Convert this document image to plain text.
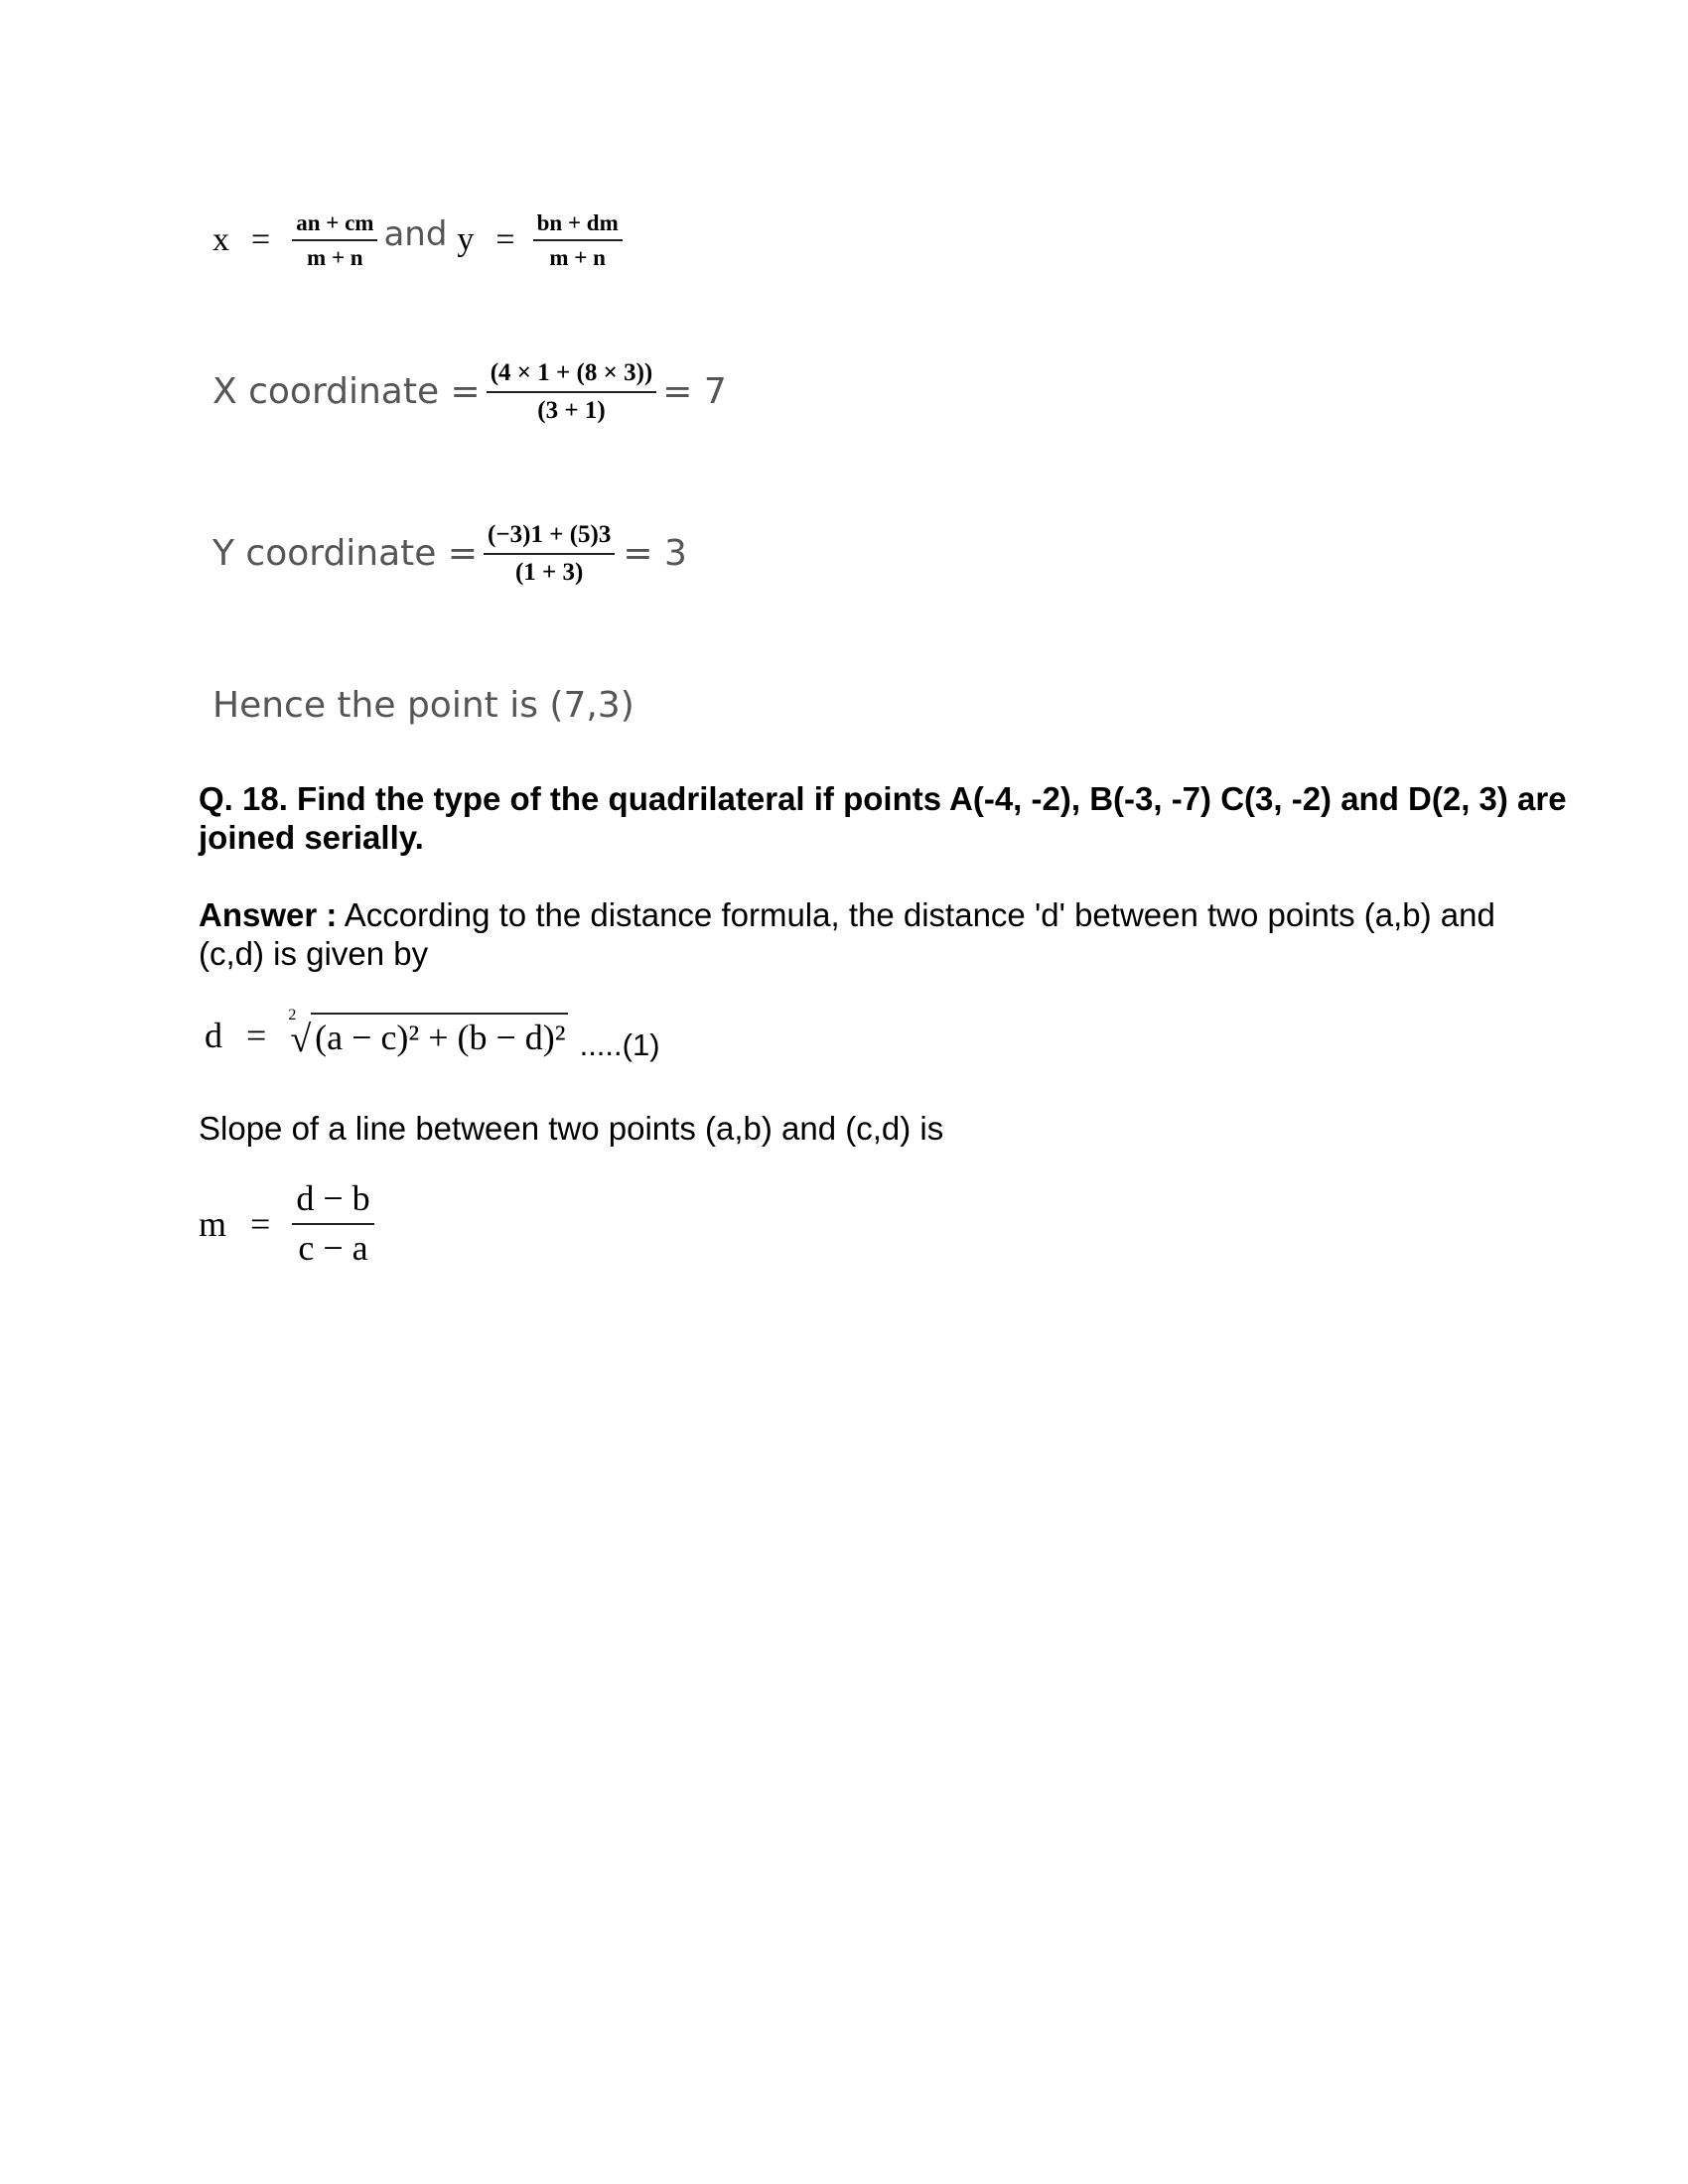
$x = \frac{an + cm}{m + n}$ and $y = \frac{bn + dm}{m + n}$
X coordinate = $\frac{(4 \times 1 + (8 \times 3))}{(3 + 1)} = 7$
Y coordinate = $\frac{(-3)1 + (5)3}{(1 + 3)} = 3$
Hence the point is (7,3)
Q. 18. Find the type of the quadrilateral if points A(-4, -2), B(-3, -7) C(3, -2) and D(2, 3) are joined serially.
Answer : According to the distance formula, the distance 'd' between two points (a,b) and (c,d) is given by
d =
2
√ (a − c)² + (b − d)² .....(1)
Slope of a line between two points (a,b) and (c,d) is
$m = \frac{d - b}{c - a}$
